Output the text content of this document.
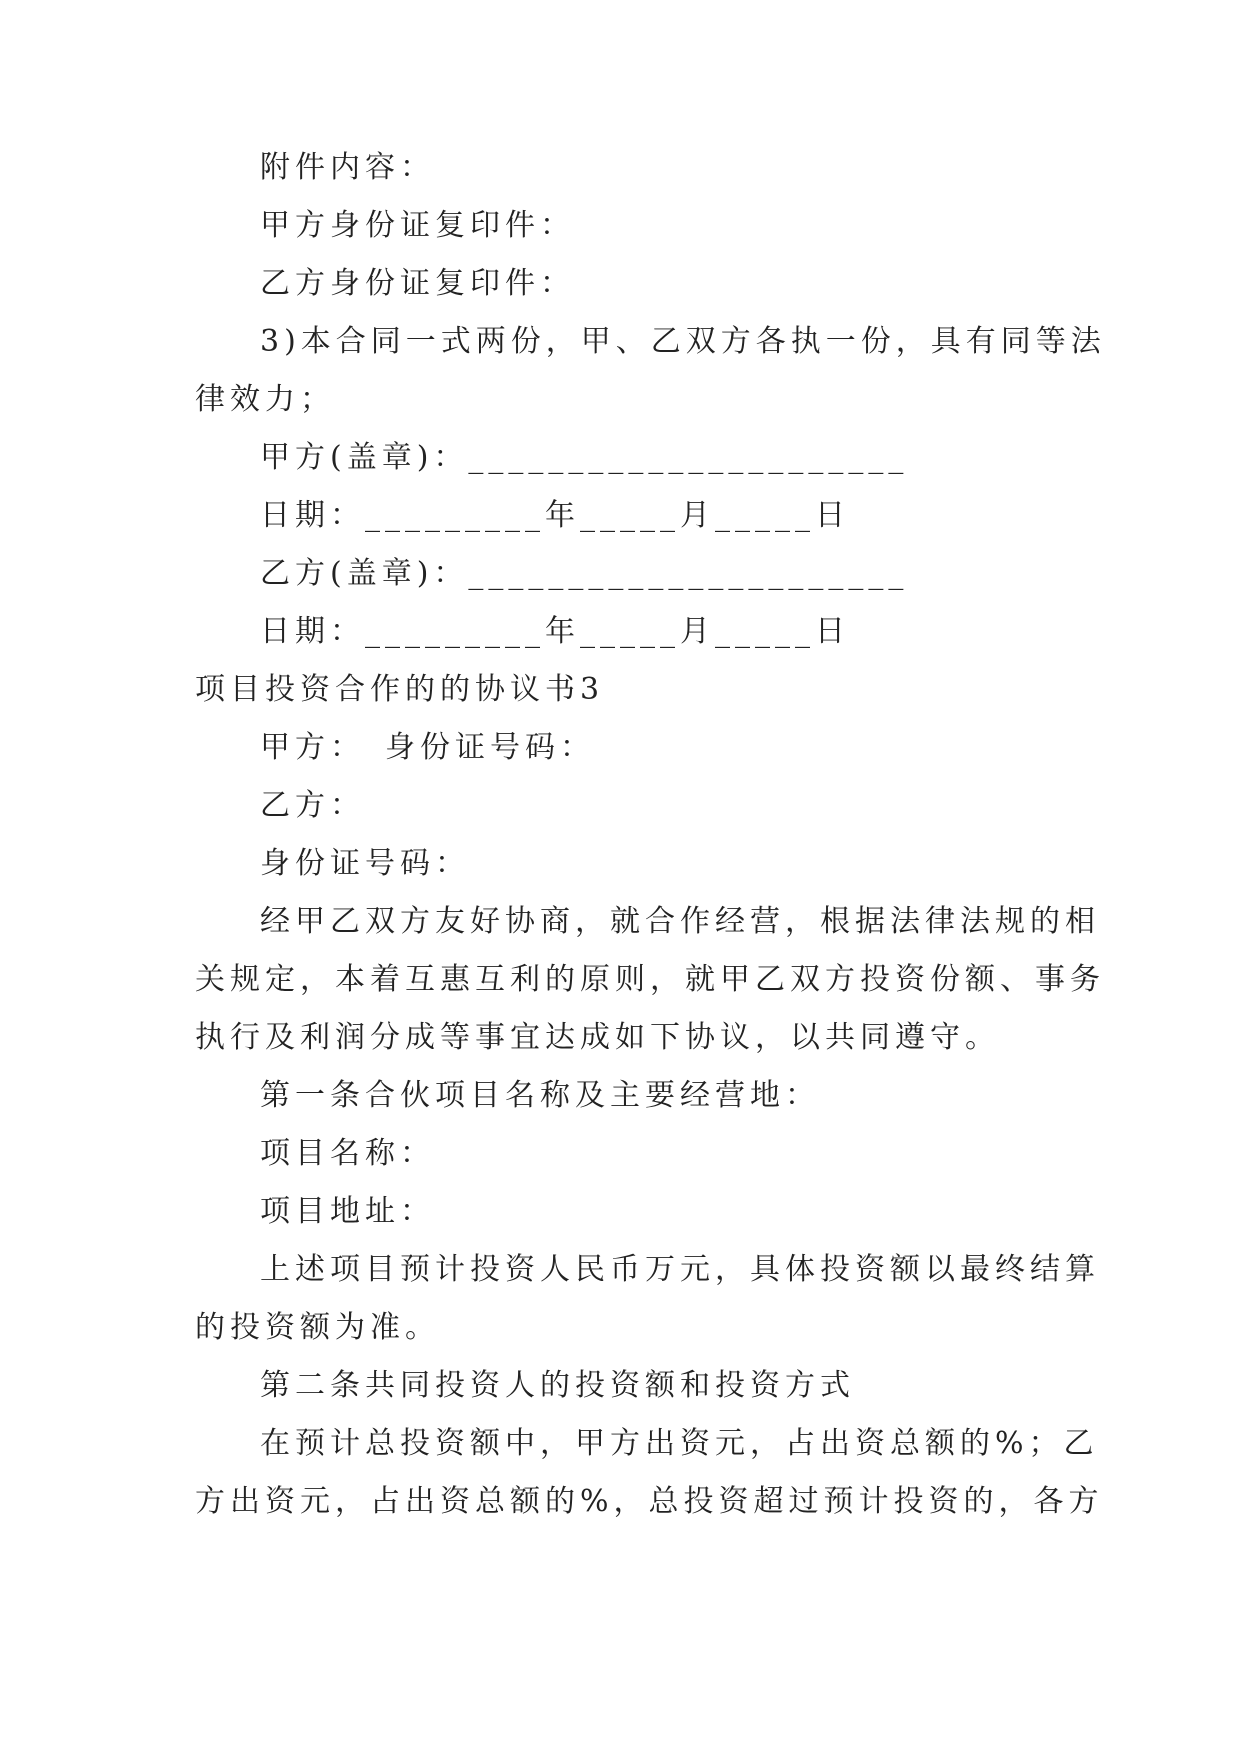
附件内容：
甲方身份证复印件：
乙方身份证复印件：
3)本合同一式两份，甲、乙双方各执一份，具有同等法
律效力；
甲方(盖章)：______________________
日期：_________年_____月_____日
乙方(盖章)：______________________
日期：_________年_____月_____日
项目投资合作的的协议书3
甲方：　身份证号码：
乙方：
身份证号码：
经甲乙双方友好协商，就合作经营，根据法律法规的相
关规定，本着互惠互利的原则，就甲乙双方投资份额、事务
执行及利润分成等事宜达成如下协议，以共同遵守。
第一条合伙项目名称及主要经营地：
项目名称：
项目地址：
上述项目预计投资人民币万元，具体投资额以最终结算
的投资额为准。
第二条共同投资人的投资额和投资方式
在预计总投资额中，甲方出资元，占出资总额的%；乙
方出资元，占出资总额的%，总投资超过预计投资的，各方
